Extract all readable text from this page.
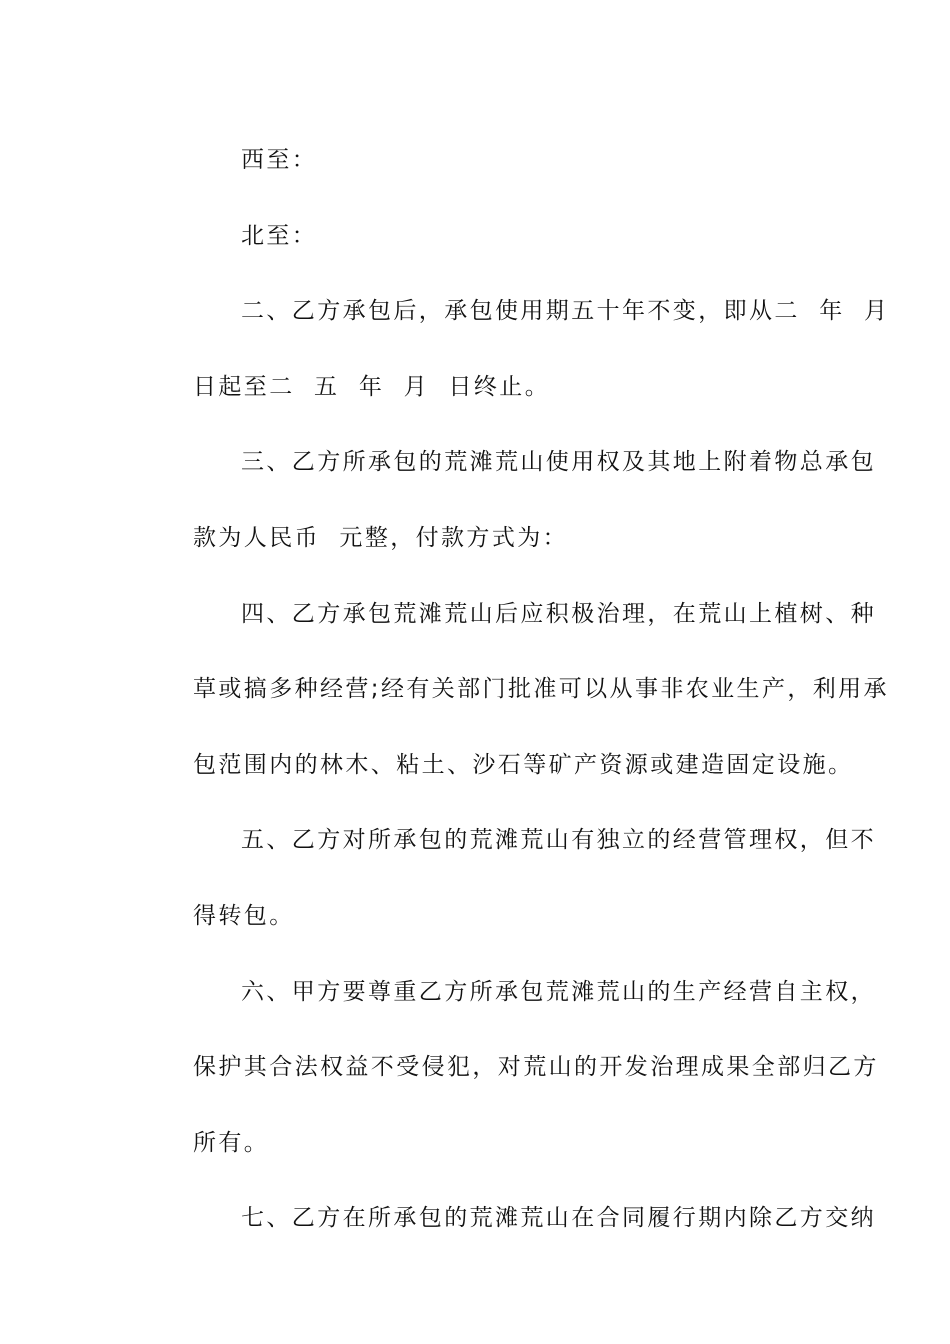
西至：
北至：
二、乙方承包后，承包使用期五十年不变，即从二  年  月
日起至二  五  年  月  日终止。
三、乙方所承包的荒滩荒山使用权及其地上附着物总承包
款为人民币  元整，付款方式为：
四、乙方承包荒滩荒山后应积极治理，在荒山上植树、种
草或搞多种经营;经有关部门批准可以从事非农业生产，利用承
包范围内的林木、粘土、沙石等矿产资源或建造固定设施。
五、乙方对所承包的荒滩荒山有独立的经营管理权，但不
得转包。
六、甲方要尊重乙方所承包荒滩荒山的生产经营自主权，
保护其合法权益不受侵犯，对荒山的开发治理成果全部归乙方
所有。
七、乙方在所承包的荒滩荒山在合同履行期内除乙方交纳
